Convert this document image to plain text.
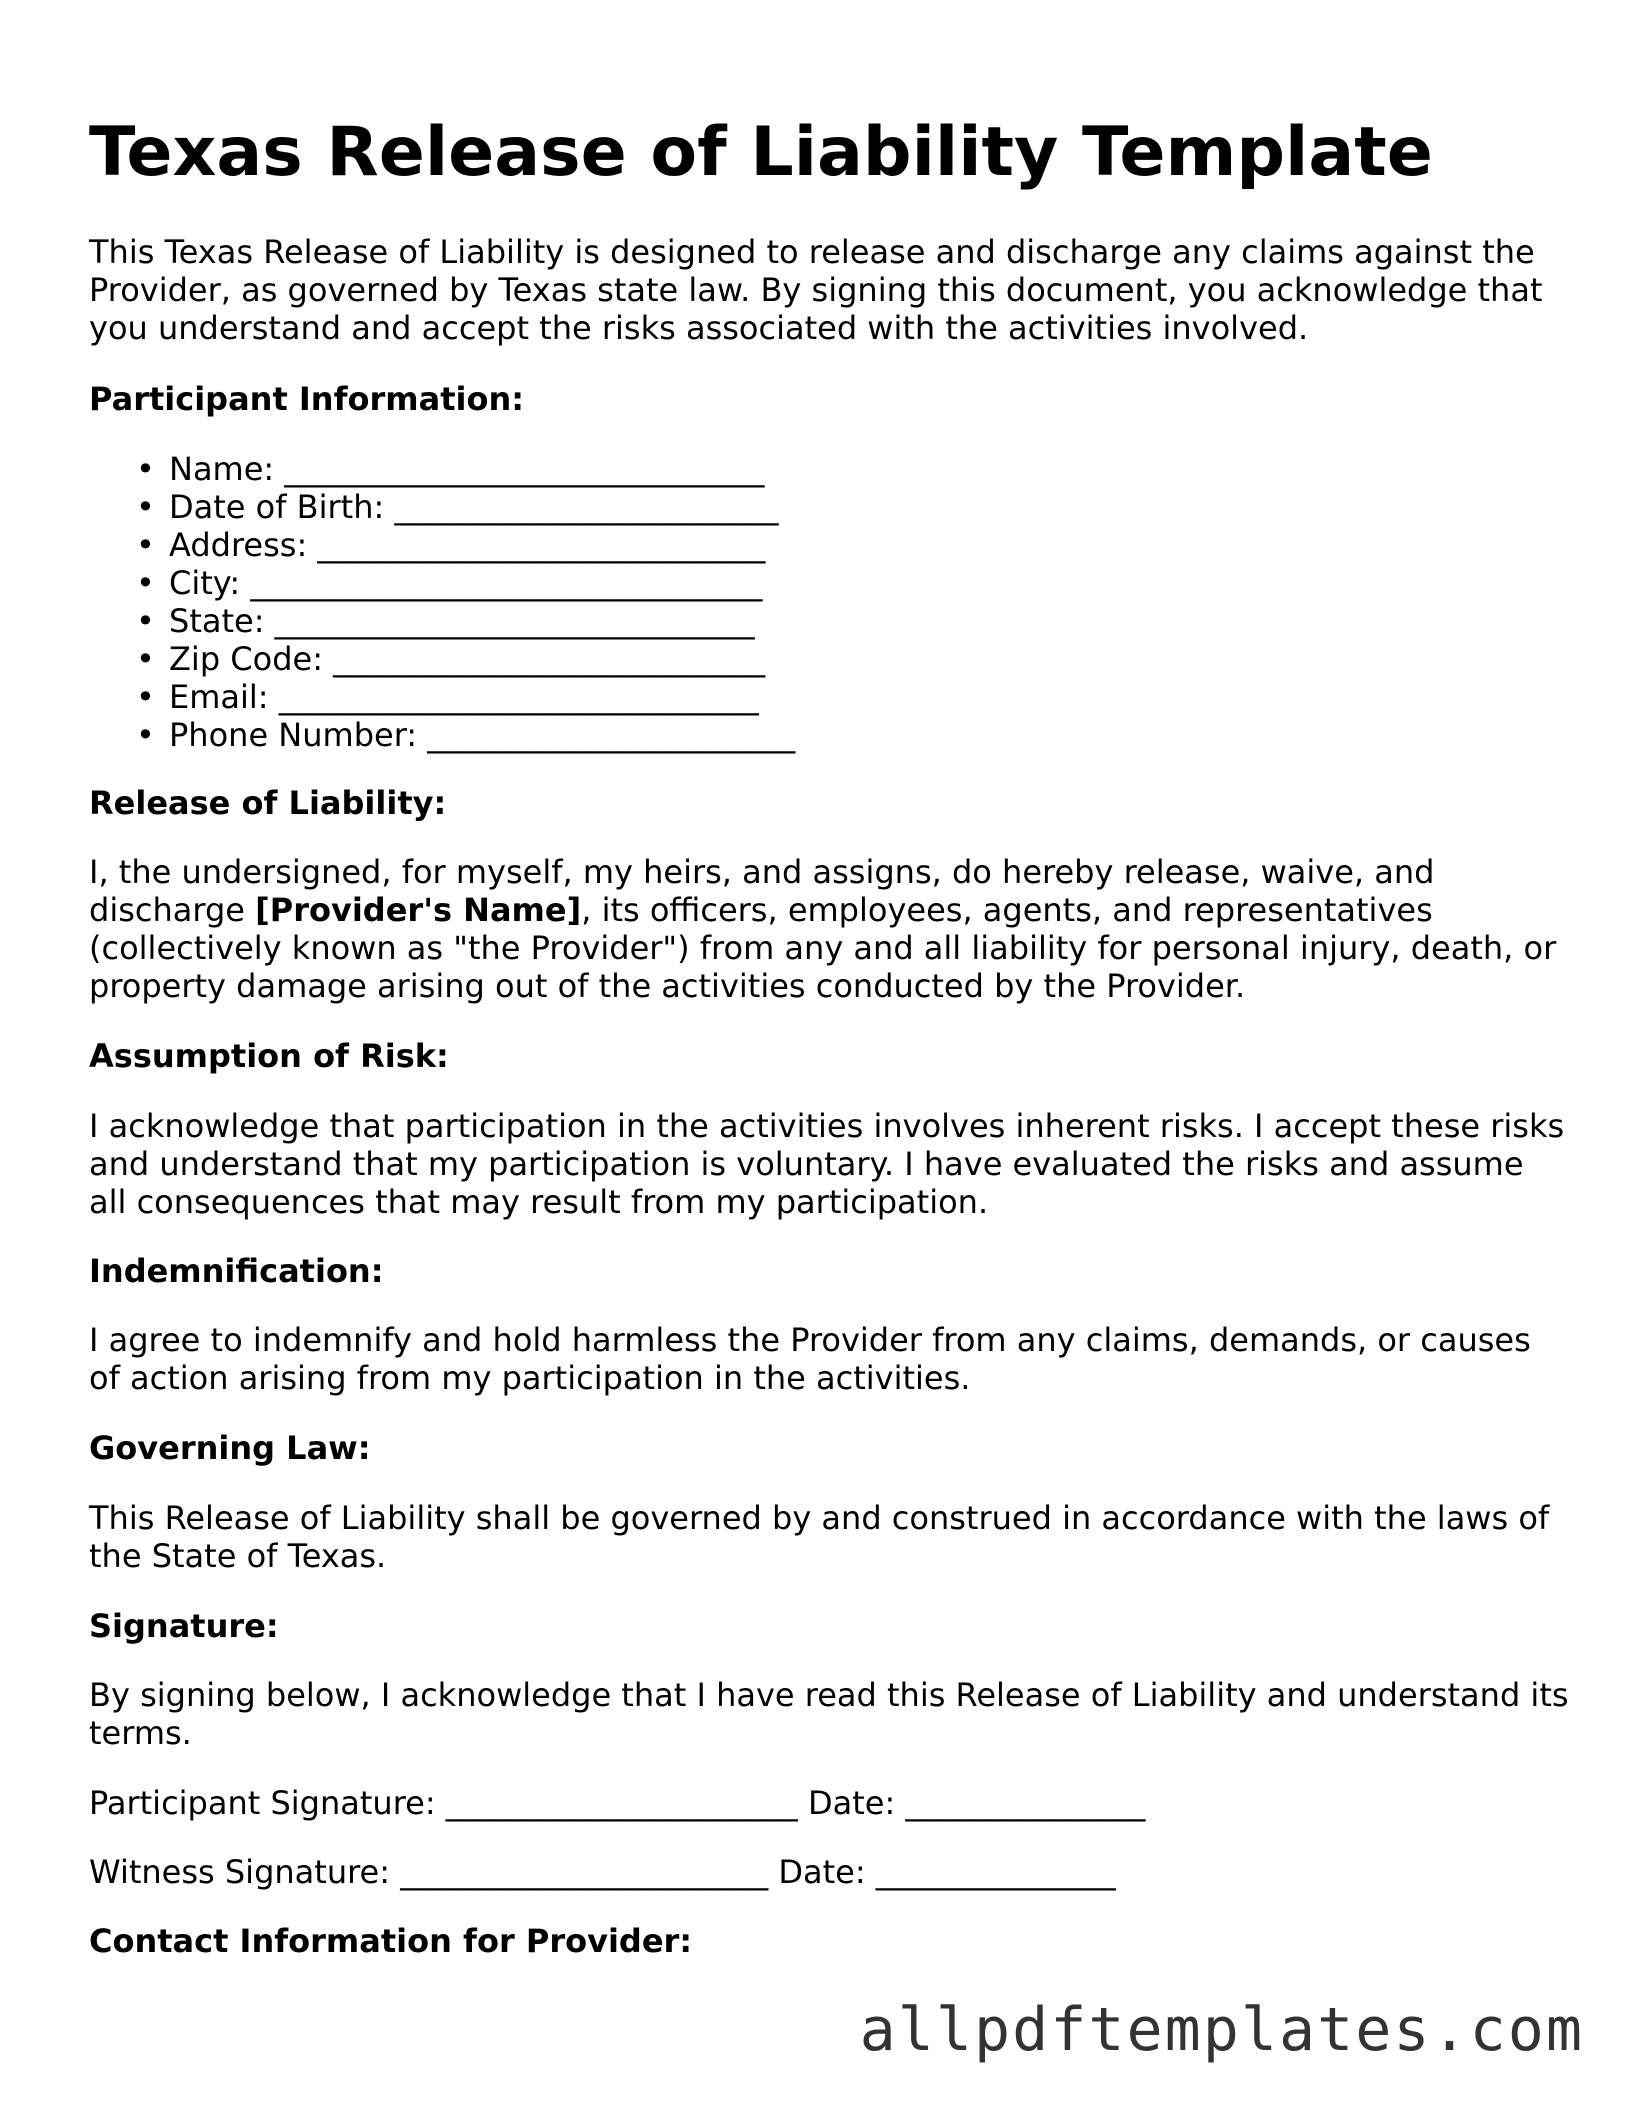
Texas Release of Liability Template

This Texas Release of Liability is designed to release and discharge any claims against the Provider, as governed by Texas state law. By signing this document, you acknowledge that you understand and accept the risks associated with the activities involved.

Participant Information:

• Name: ______________________________
• Date of Birth: ________________________
• Address: ____________________________
• City: ________________________________
• State: ______________________________
• Zip Code: ___________________________
• Email: ______________________________
• Phone Number: _______________________

Release of Liability:

I, the undersigned, for myself, my heirs, and assigns, do hereby release, waive, and discharge [Provider's Name], its officers, employees, agents, and representatives (collectively known as "the Provider") from any and all liability for personal injury, death, or property damage arising out of the activities conducted by the Provider.

Assumption of Risk:

I acknowledge that participation in the activities involves inherent risks. I accept these risks and understand that my participation is voluntary. I have evaluated the risks and assume all consequences that may result from my participation.

Indemnification:

I agree to indemnify and hold harmless the Provider from any claims, demands, or causes of action arising from my participation in the activities.

Governing Law:

This Release of Liability shall be governed by and construed in accordance with the laws of the State of Texas.

Signature:

By signing below, I acknowledge that I have read this Release of Liability and understand its terms.

Participant Signature: ______________________ Date: _______________

Witness Signature: _______________________ Date: _______________

Contact Information for Provider:

allpdftemplates.com
